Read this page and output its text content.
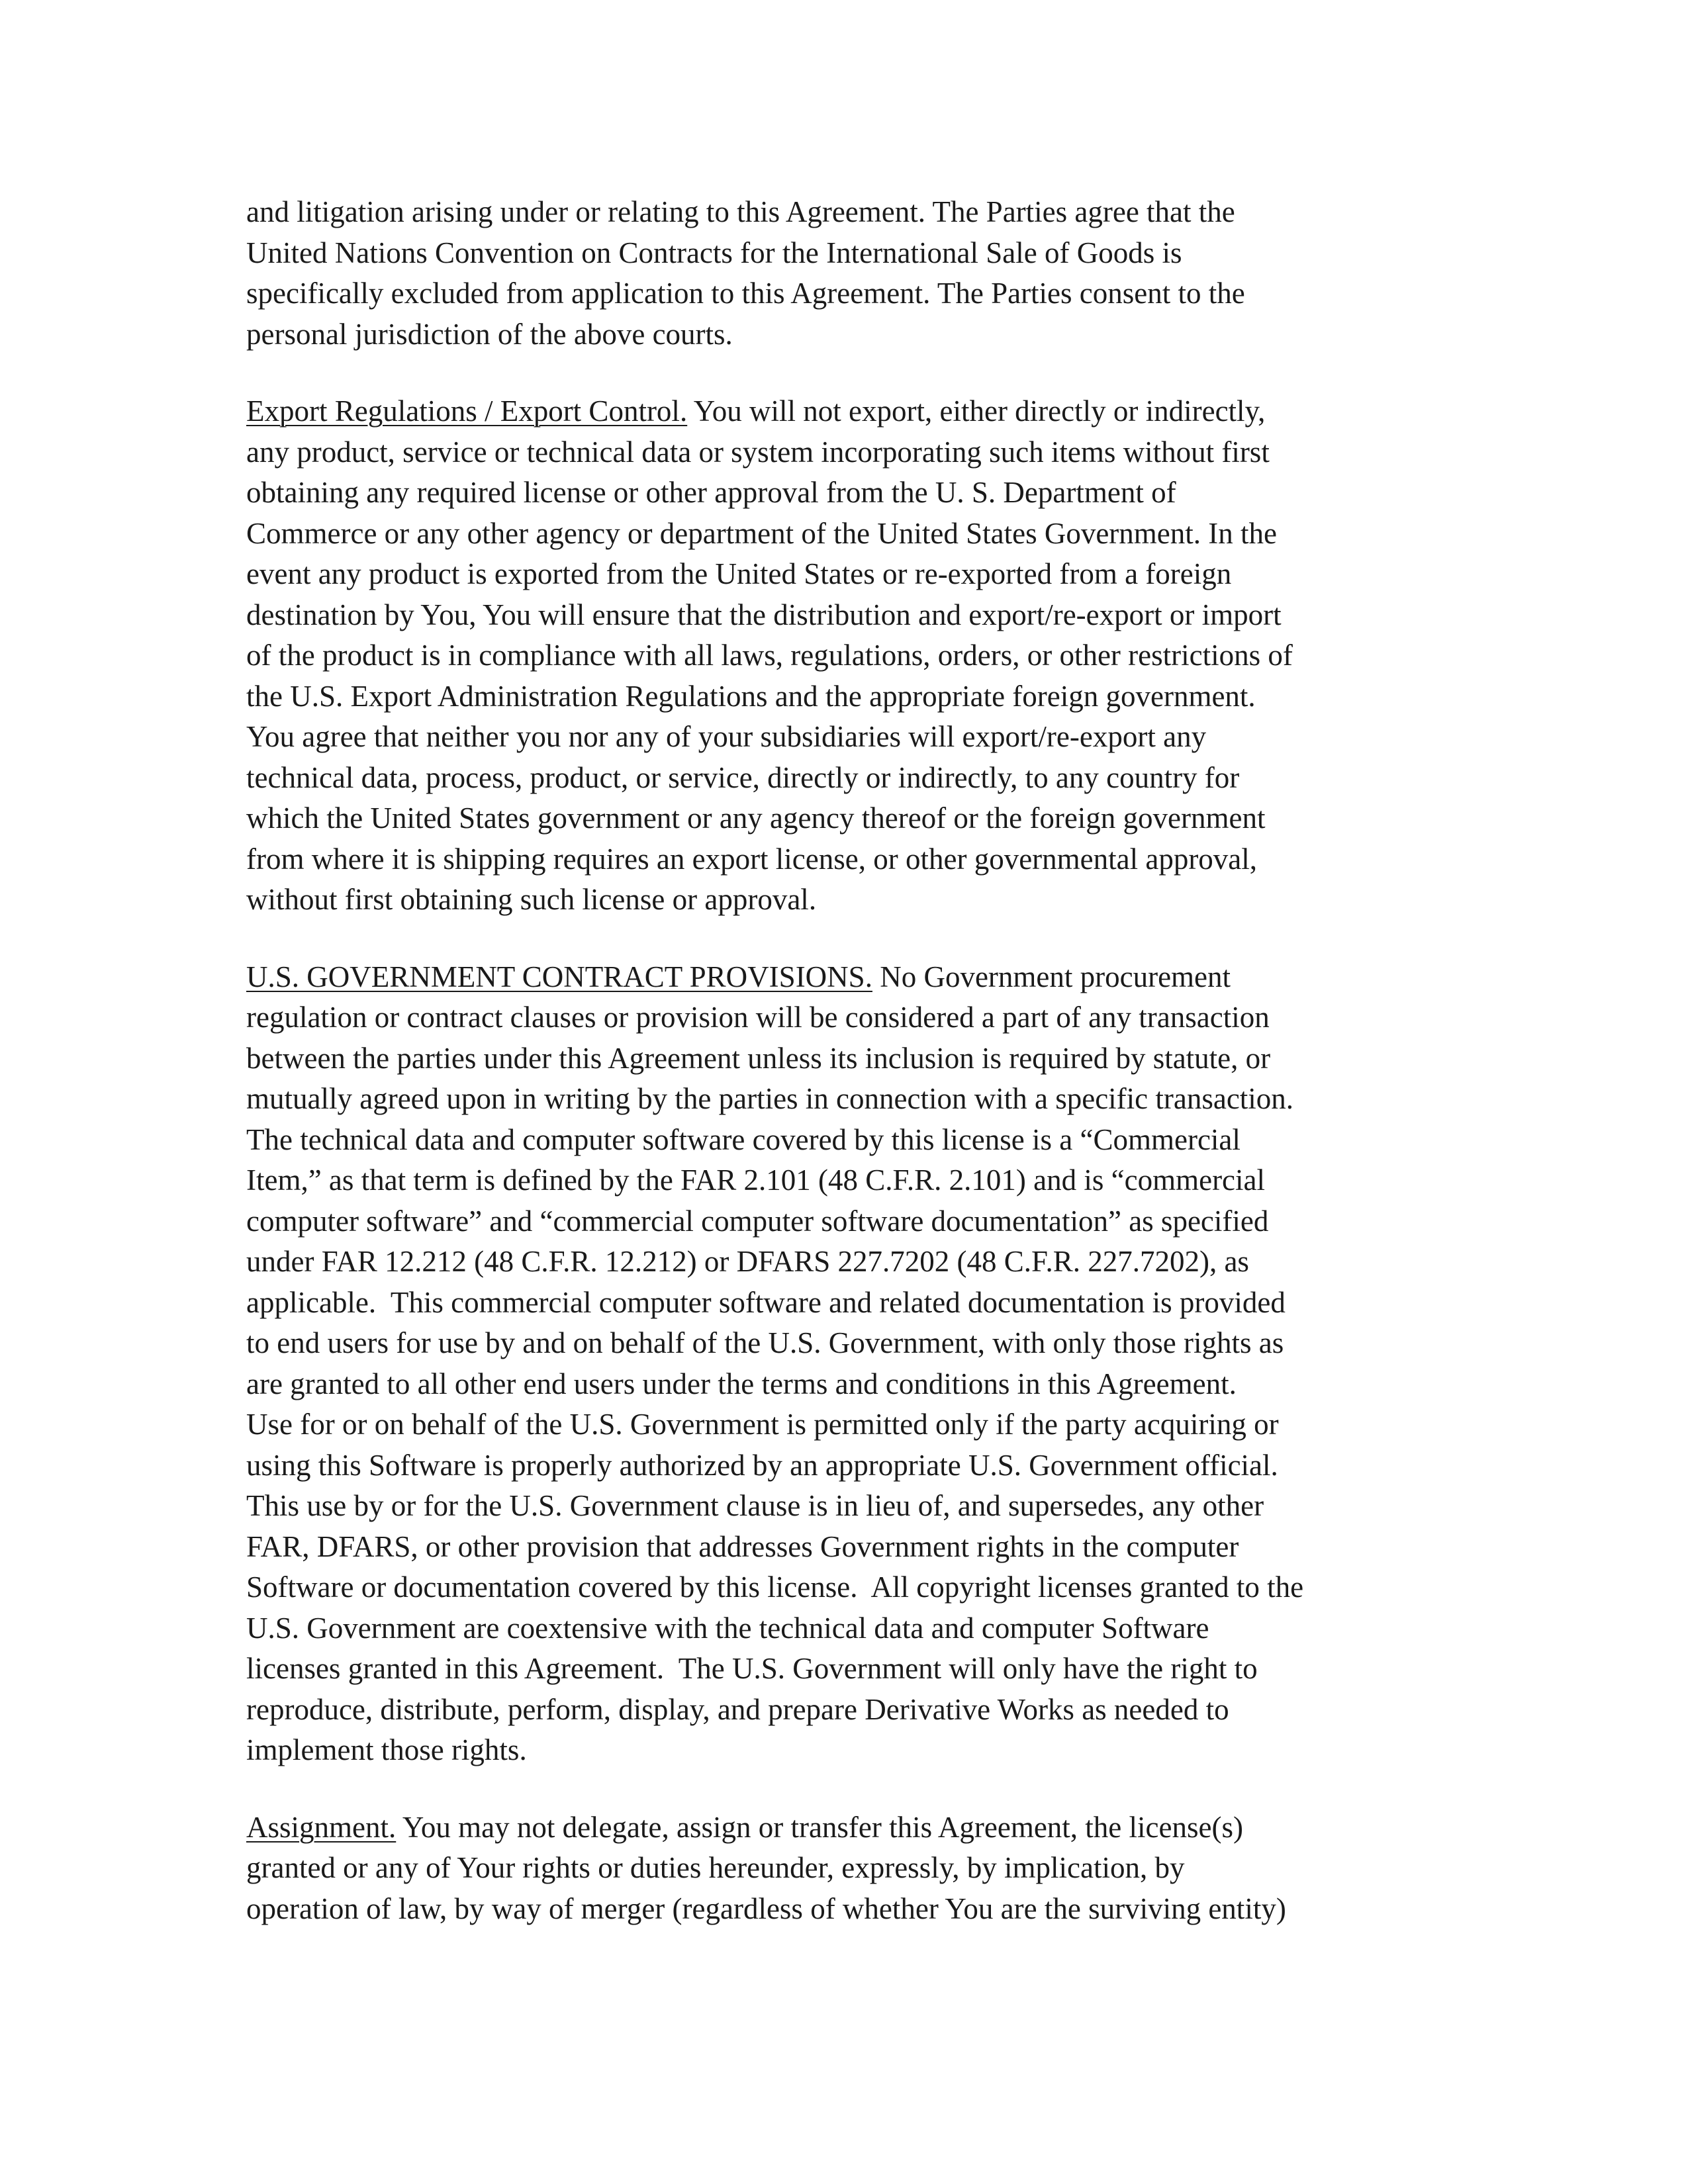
and litigation arising under or relating to this Agreement. The Parties agree that the
United Nations Convention on Contracts for the International Sale of Goods is
specifically excluded from application to this Agreement. The Parties consent to the
personal jurisdiction of the above courts.

Export Regulations / Export Control. You will not export, either directly or indirectly,
any product, service or technical data or system incorporating such items without first
obtaining any required license or other approval from the U. S. Department of
Commerce or any other agency or department of the United States Government. In the
event any product is exported from the United States or re-exported from a foreign
destination by You, You will ensure that the distribution and export/re-export or import
of the product is in compliance with all laws, regulations, orders, or other restrictions of
the U.S. Export Administration Regulations and the appropriate foreign government.
You agree that neither you nor any of your subsidiaries will export/re-export any
technical data, process, product, or service, directly or indirectly, to any country for
which the United States government or any agency thereof or the foreign government
from where it is shipping requires an export license, or other governmental approval,
without first obtaining such license or approval.

U.S. GOVERNMENT CONTRACT PROVISIONS. No Government procurement
regulation or contract clauses or provision will be considered a part of any transaction
between the parties under this Agreement unless its inclusion is required by statute, or
mutually agreed upon in writing by the parties in connection with a specific transaction.
The technical data and computer software covered by this license is a “Commercial
Item,” as that term is defined by the FAR 2.101 (48 C.F.R. 2.101) and is “commercial
computer software” and “commercial computer software documentation” as specified
under FAR 12.212 (48 C.F.R. 12.212) or DFARS 227.7202 (48 C.F.R. 227.7202), as
applicable.  This commercial computer software and related documentation is provided
to end users for use by and on behalf of the U.S. Government, with only those rights as
are granted to all other end users under the terms and conditions in this Agreement.
Use for or on behalf of the U.S. Government is permitted only if the party acquiring or
using this Software is properly authorized by an appropriate U.S. Government official.
This use by or for the U.S. Government clause is in lieu of, and supersedes, any other
FAR, DFARS, or other provision that addresses Government rights in the computer
Software or documentation covered by this license.  All copyright licenses granted to the
U.S. Government are coextensive with the technical data and computer Software
licenses granted in this Agreement.  The U.S. Government will only have the right to
reproduce, distribute, perform, display, and prepare Derivative Works as needed to
implement those rights.

Assignment. You may not delegate, assign or transfer this Agreement, the license(s)
granted or any of Your rights or duties hereunder, expressly, by implication, by
operation of law, by way of merger (regardless of whether You are the surviving entity)
